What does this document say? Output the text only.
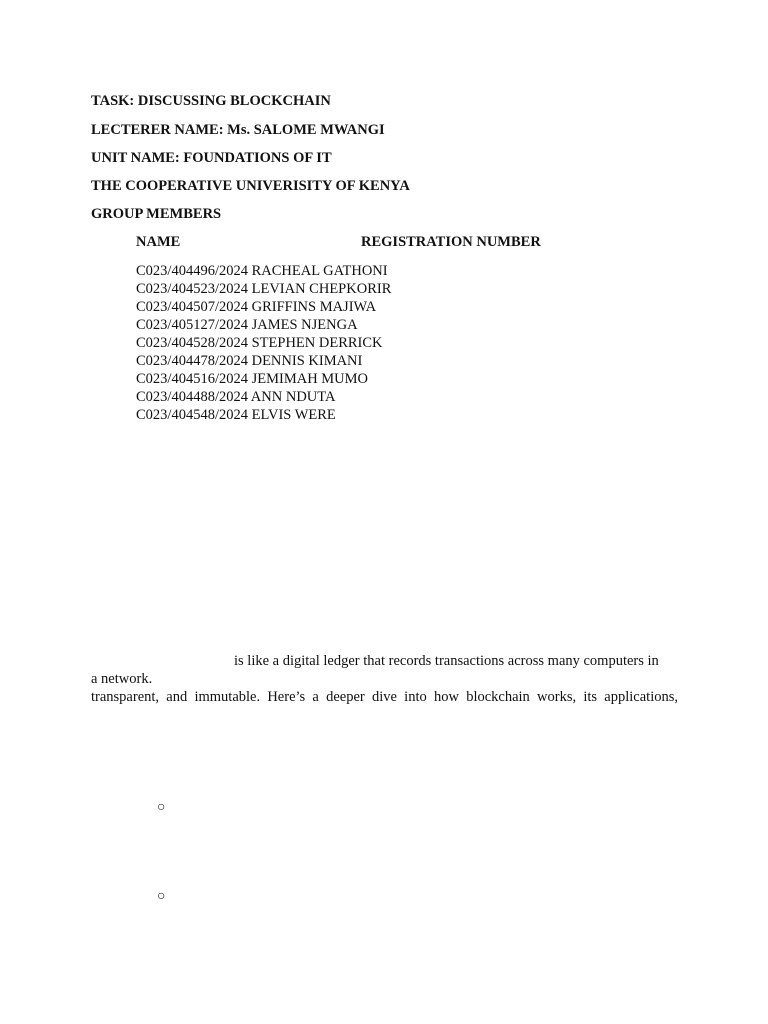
TASK: DISCUSSING BLOCKCHAIN
LECTERER NAME: Ms. SALOME MWANGI
UNIT NAME: FOUNDATIONS OF IT
THE COOPERATIVE UNIVERISITY OF KENYA
GROUP MEMBERS
NAME	REGISTRATION NUMBER
C023/404496/2024 RACHEAL GATHONI
C023/404523/2024 LEVIAN CHEPKORIR
C023/404507/2024 GRIFFINS MAJIWA
C023/405127/2024 JAMES NJENGA
C023/404528/2024 STEPHEN DERRICK
C023/404478/2024 DENNIS KIMANI
C023/404516/2024 JEMIMAH MUMO
C023/404488/2024 ANN NDUTA
C023/404548/2024 ELVIS WERE
is like a digital ledger that records transactions across many computers in
a network.
transparent, and immutable. Here’s a deeper dive into how blockchain works, its applications,
○
○
